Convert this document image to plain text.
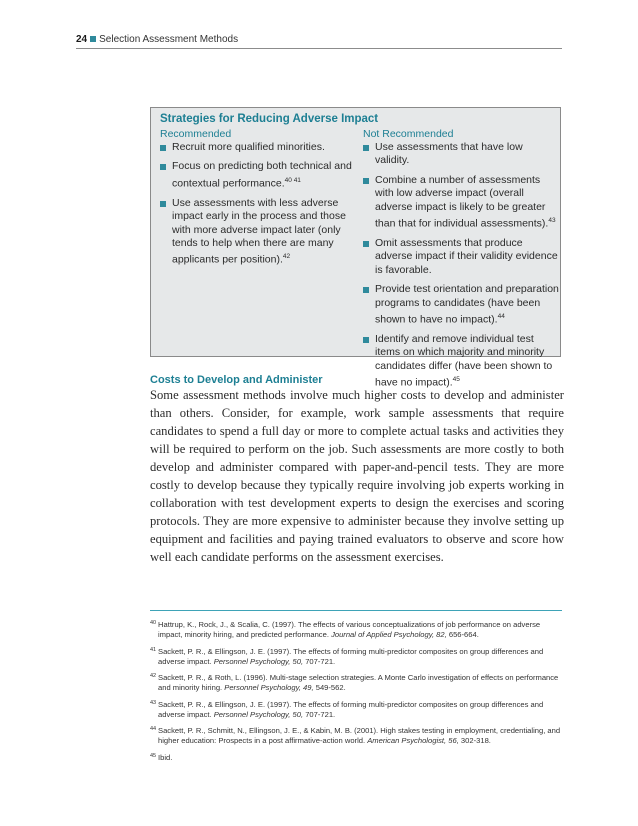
24 Selection Assessment Methods
Strategies for Reducing Adverse Impact
Recommended	Not Recommended
Recruit more qualified minorities.
Focus on predicting both technical and contextual performance.$^{40 41}$
Use assessments with less adverse impact early in the process and those with more adverse impact later (only tends to help when there are many applicants per position).$^{42}$
Use assessments that have low validity.
Combine a number of assessments with low adverse impact (overall adverse impact is likely to be greater than that for individual assessments).$^{43}$
Omit assessments that produce adverse impact if their validity evidence is favorable.
Provide test orientation and preparation programs to candidates (have been shown to have no impact).$^{44}$
Identify and remove individual test items on which majority and minority candidates differ (have been shown to have no impact).$^{45}$
Costs to Develop and Administer

Some assessment methods involve much higher costs to develop and administer than others. Consider, for example, work sample assessments that require candidates to spend a full day or more to complete actual tasks and activities they will be required to perform on the job. Such assessments are more costly to both develop and administer compared with paper-and-pencil tests. They are more costly to develop because they typically require involving job experts working in collaboration with test development experts to design the exercises and scoring protocols. They are more expensive to administer because they involve setting up equipment and facilities and paying trained evaluators to observe and score how well each candidate performs on the assessment exercises.

40 Hattrup, K., Rock, J., & Scalia, C. (1997). The effects of various conceptualizations of job performance on adverse impact, minority hiring, and predicted performance. Journal of Applied Psychology, 82, 656-664.
41 Sackett, P. R., & Ellingson, J. E. (1997). The effects of forming multi-predictor composites on group differences and adverse impact. Personnel Psychology, 50, 707-721.
42 Sackett, P. R., & Roth, L. (1996). Multi-stage selection strategies. A Monte Carlo investigation of effects on performance and minority hiring. Personnel Psychology, 49, 549-562.
43 Sackett, P. R., & Ellingson, J. E. (1997). The effects of forming multi-predictor composites on group differences and adverse impact. Personnel Psychology, 50, 707-721.
44 Sackett, P. R., Schmitt, N., Ellingson, J. E., & Kabin, M. B. (2001). High stakes testing in employment, credentialing, and higher education: Prospects in a post affirmative-action world. American Psychologist, 56, 302-318.
45 Ibid.
